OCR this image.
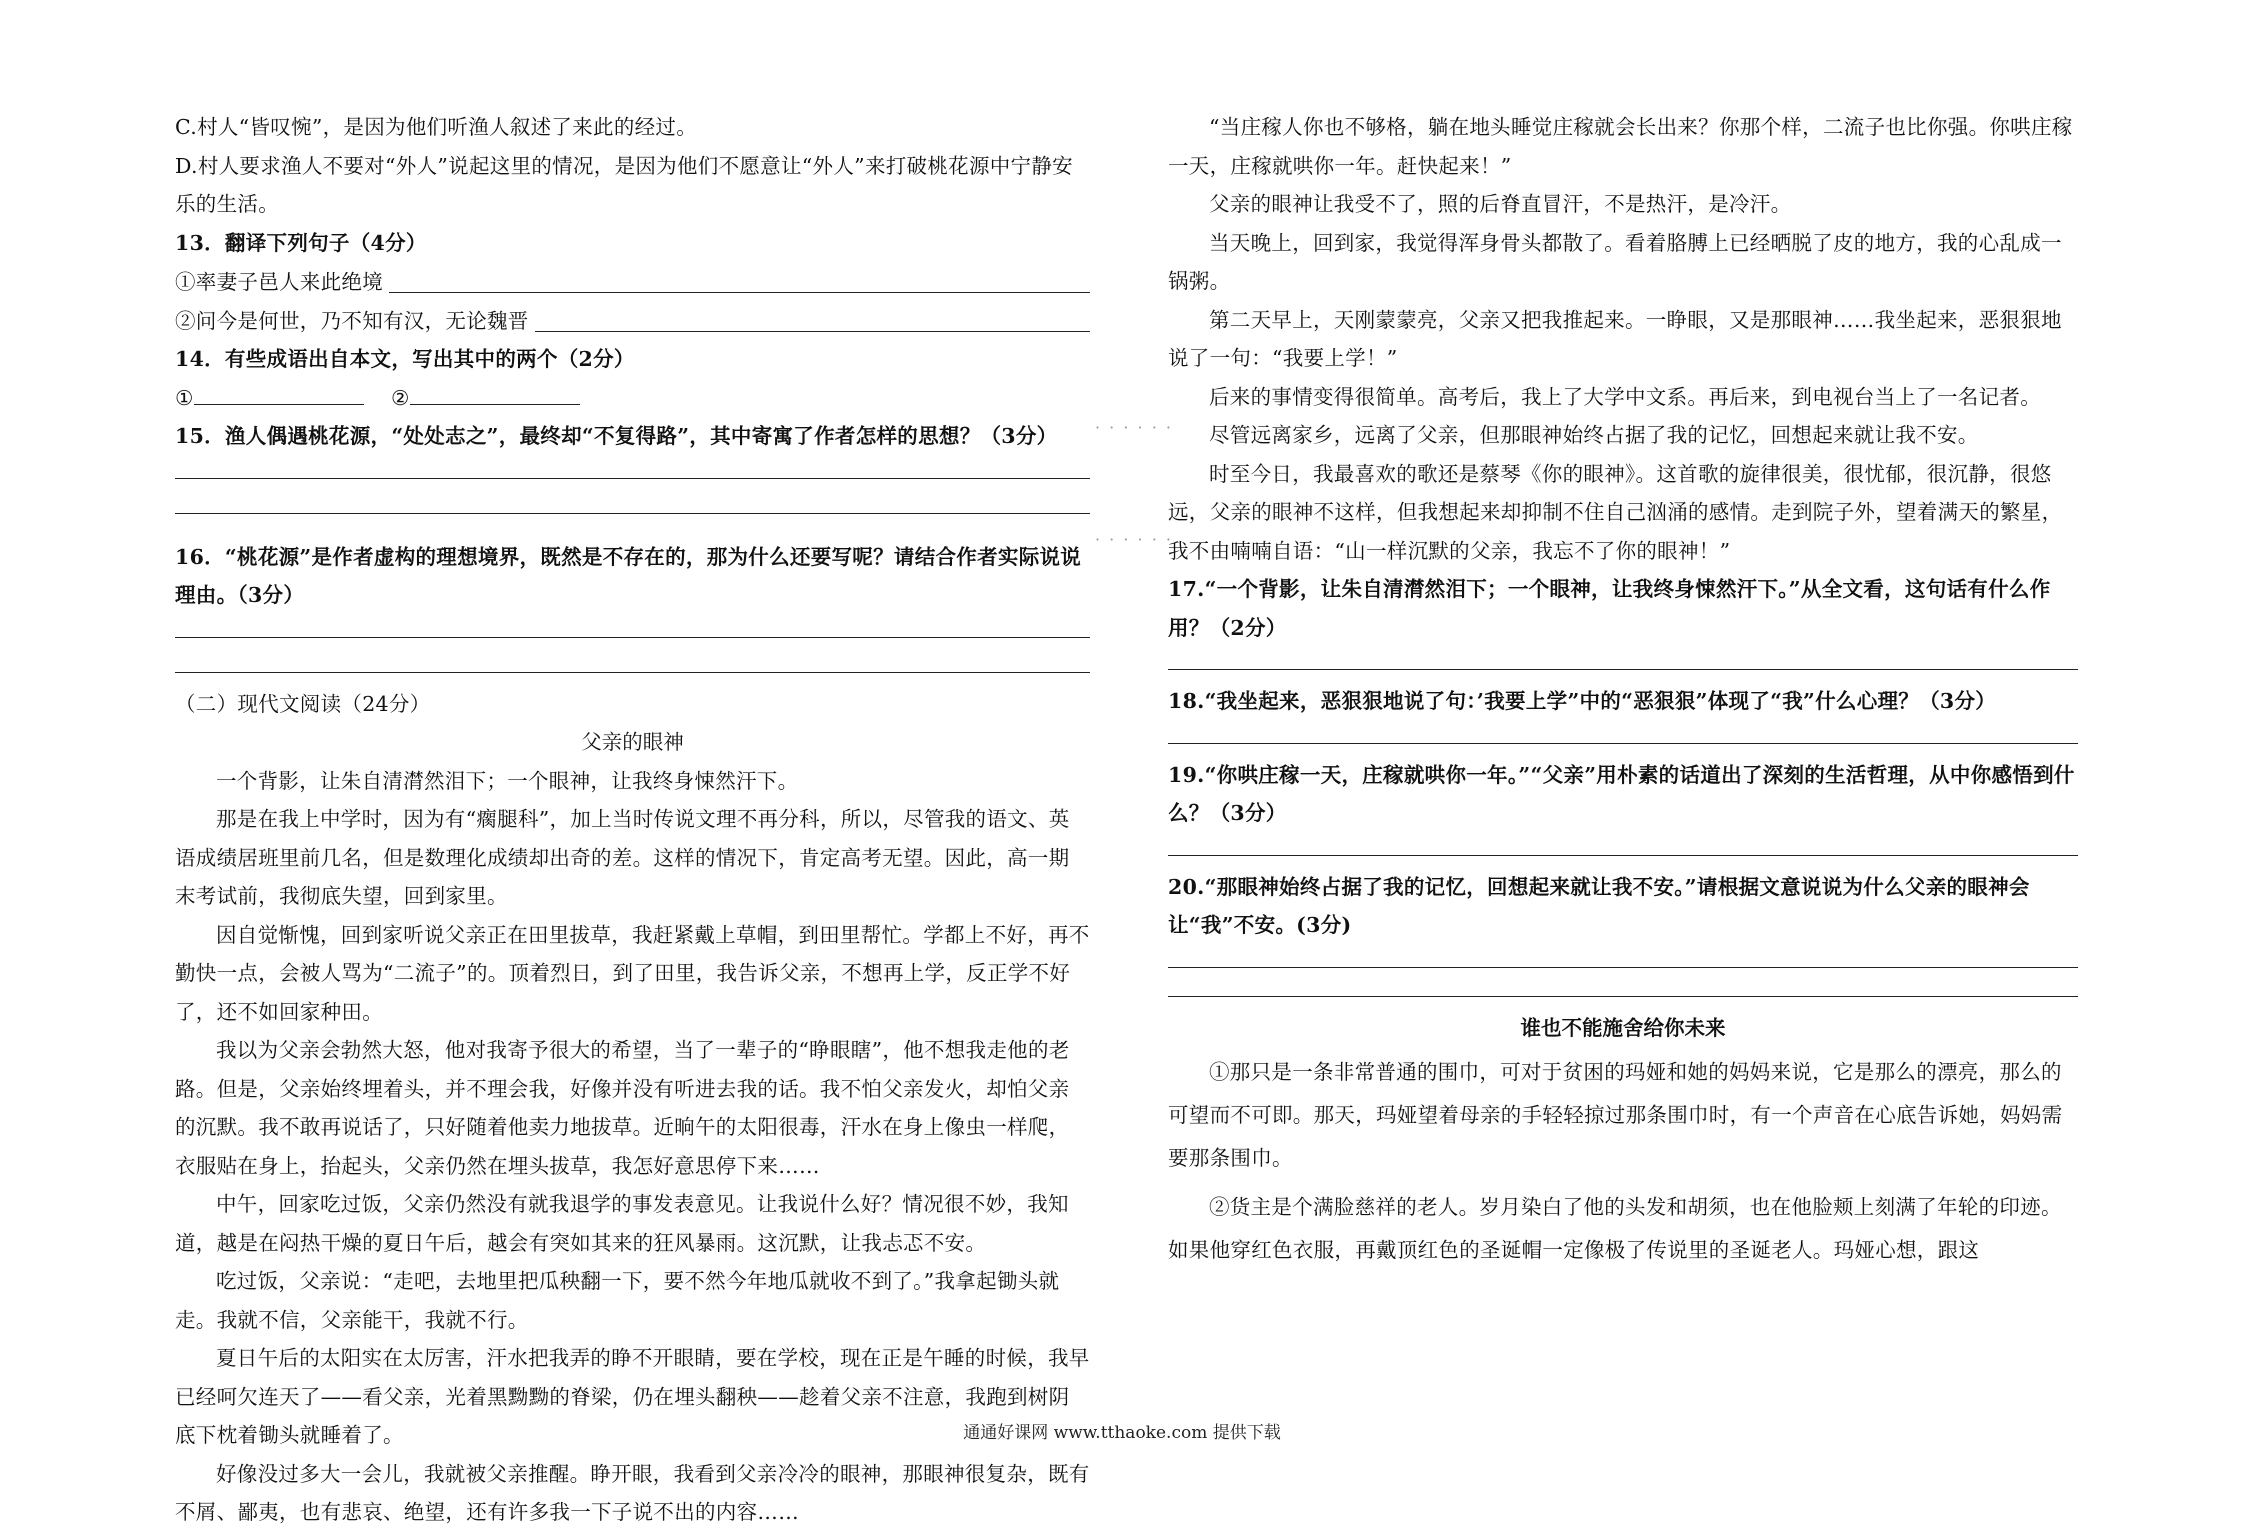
C.村人“皆叹惋”，是因为他们听渔人叙述了来此的经过。

D.村人要求渔人不要对“外人”说起这里的情况，是因为他们不愿意让“外人”来打破桃花源中宁静安乐的生活。

13．翻译下列句子（4分）

①率妻子邑人来此绝境

②问今是何世，乃不知有汉，无论魏晋

14．有些成语出自本文，写出其中的两个（2分）

①	②

15．渔人偶遇桃花源，“处处志之”，最终却“不复得路”，其中寄寓了作者怎样的思想？（3分）

16．“桃花源”是作者虚构的理想境界，既然是不存在的，那为什么还要写呢？请结合作者实际说说理由。（3分）

（二）现代文阅读（24分）

父亲的眼神

一个背影，让朱自清潸然泪下；一个眼神，让我终身悚然汗下。

那是在我上中学时，因为有“瘸腿科”，加上当时传说文理不再分科，所以，尽管我的语文、英语成绩居班里前几名，但是数理化成绩却出奇的差。这样的情况下，肯定高考无望。因此，高一期末考试前，我彻底失望，回到家里。

因自觉惭愧，回到家听说父亲正在田里拔草，我赶紧戴上草帽，到田里帮忙。学都上不好，再不勤快一点，会被人骂为“二流子”的。顶着烈日，到了田里，我告诉父亲，不想再上学，反正学不好了，还不如回家种田。

我以为父亲会勃然大怒，他对我寄予很大的希望，当了一辈子的“睁眼瞎”，他不想我走他的老路。但是，父亲始终埋着头，并不理会我，好像并没有听进去我的话。我不怕父亲发火，却怕父亲的沉默。我不敢再说话了，只好随着他卖力地拔草。近晌午的太阳很毒，汗水在身上像虫一样爬，衣服贴在身上，抬起头，父亲仍然在埋头拔草，我怎好意思停下来……

中午，回家吃过饭，父亲仍然没有就我退学的事发表意见。让我说什么好？情况很不妙，我知道，越是在闷热干燥的夏日午后，越会有突如其来的狂风暴雨。这沉默，让我忐忑不安。

吃过饭，父亲说：“走吧，去地里把瓜秧翻一下，要不然今年地瓜就收不到了。”我拿起锄头就走。我就不信，父亲能干，我就不行。

夏日午后的太阳实在太厉害，汗水把我弄的睁不开眼睛，要在学校，现在正是午睡的时候，我早已经呵欠连天了——看父亲，光着黑黝黝的脊梁，仍在埋头翻秧——趁着父亲不注意，我跑到树阴底下枕着锄头就睡着了。

好像没过多大一会儿，我就被父亲推醒。睁开眼，我看到父亲冷冷的眼神，那眼神很复杂，既有不屑、鄙夷，也有悲哀、绝望，还有许多我一下子说不出的内容……

· · · · · ·
· · · · · ·

“当庄稼人你也不够格，躺在地头睡觉庄稼就会长出来？你那个样，二流子也比你强。你哄庄稼一天，庄稼就哄你一年。赶快起来！”

父亲的眼神让我受不了，照的后脊直冒汗，不是热汗，是冷汗。

当天晚上，回到家，我觉得浑身骨头都散了。看着胳膊上已经晒脱了皮的地方，我的心乱成一锅粥。

第二天早上，天刚蒙蒙亮，父亲又把我推起来。一睁眼，又是那眼神……我坐起来，恶狠狠地说了一句：“我要上学！”

后来的事情变得很简单。高考后，我上了大学中文系。再后来，到电视台当上了一名记者。

尽管远离家乡，远离了父亲，但那眼神始终占据了我的记忆，回想起来就让我不安。

时至今日，我最喜欢的歌还是蔡琴《你的眼神》。这首歌的旋律很美，很忧郁，很沉静，很悠远，父亲的眼神不这样，但我想起来却抑制不住自己汹涌的感情。走到院子外，望着满天的繁星，我不由喃喃自语：“山一样沉默的父亲，我忘不了你的眼神！”

17.“一个背影，让朱自清潸然泪下；一个眼神，让我终身悚然汗下。”从全文看，这句话有什么作用？（2分）

18.“我坐起来，恶狠狠地说了句：’我要上学”中的“恶狠狠”体现了“我”什么心理？（3分）

19.“你哄庄稼一天，庄稼就哄你一年。”“父亲”用朴素的话道出了深刻的生活哲理，从中你感悟到什么？（3分）

20.“那眼神始终占据了我的记忆，回想起来就让我不安。”请根据文意说说为什么父亲的眼神会让“我”不安。(3分)

谁也不能施舍给你未来

①那只是一条非常普通的围巾，可对于贫困的玛娅和她的妈妈来说，它是那么的漂亮，那么的可望而不可即。那天，玛娅望着母亲的手轻轻掠过那条围巾时，有一个声音在心底告诉她，妈妈需要那条围巾。

②货主是个满脸慈祥的老人。岁月染白了他的头发和胡须，也在他脸颊上刻满了年轮的印迹。如果他穿红色衣服，再戴顶红色的圣诞帽一定像极了传说里的圣诞老人。玛娅心想，跟这

通通好课网 www.tthaoke.com 提供下载
